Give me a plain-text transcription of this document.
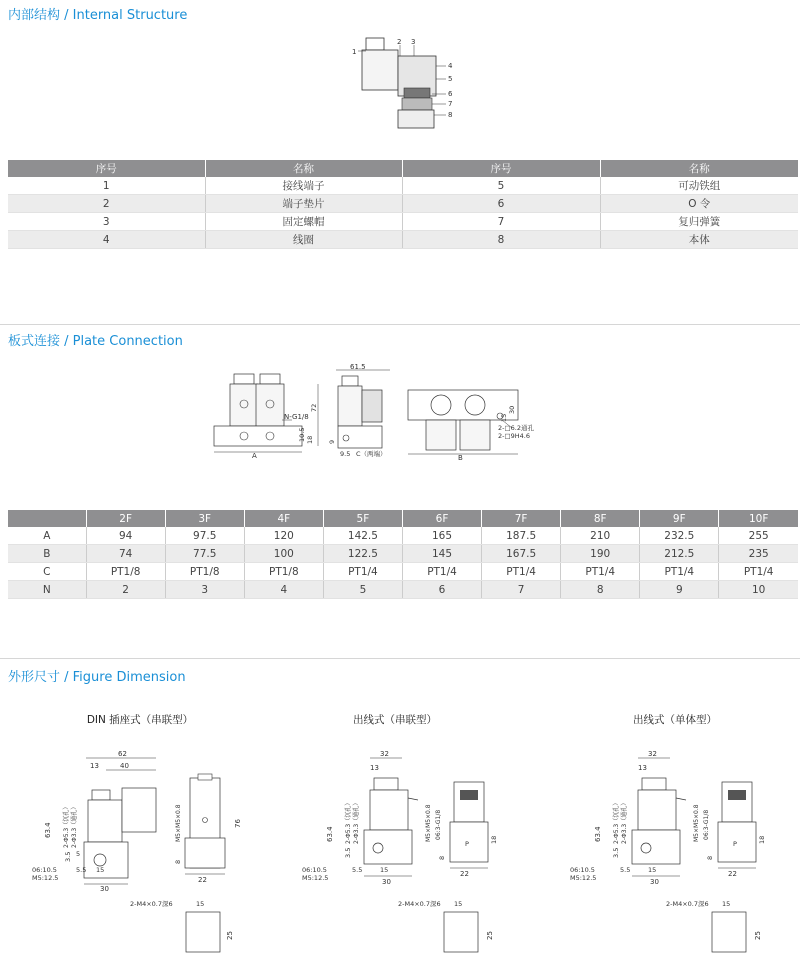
内部结构 / Internal Structure
1
2 3
4
5
6
7
8
序号	名称	序号	名称
1	接线端子	5	可动铁组
2	端子垫片	6	O 令
3	固定螺帽	7	复归弹簧
4	线圈	8	本体
板式连接 / Plate Connection
A
N-G1/8
72
10.5 18
61.5
9
9.5 C（两端）	B
30
15
2-□6.2通孔
2-□9H4.6
	2F	3F	4F	5F	6F	7F	8F	9F	10F
A	94	97.5	120	142.5	165	187.5	210	232.5	255
B	74	77.5	100	122.5	145	167.5	190	212.5	235
C	PT1/8	PT1/8	PT1/8	PT1/4	PT1/4	PT1/4	PT1/4	PT1/4	PT1/4
N	2	3	4	5	6	7	8	9	10
外形尺寸 / Figure Dimension
DIN 插座式（串联型）	出线式（串联型）	出线式（单体型）
62
40
13
63.4 2-Φ5.3（沉孔） 2-Φ3.3（通孔）
3.5 5
06:10.5
M5:12.5
5.5 15
30
M5×M5×0.8	76
8
22
2-M4×0.7深6	15
25
32
13
63.4 2-Φ5.3（沉孔） 2-Φ3.3（通孔）
3.5
06:10.5
M5:12.5
5.5	15
30
M5×M5×0.8 06:3-G1/8
P	18
8
22
2-M4×0.7深6 15
25
32
13
63.4 2-Φ5.3（沉孔） 2-Φ3.3（通孔）
3.5
06:10.5
M5:12.5
5.5	15
30
M5×M5×0.8 06:3-G1/8
P	18
8
22
2-M4×0.7深6 15
25
